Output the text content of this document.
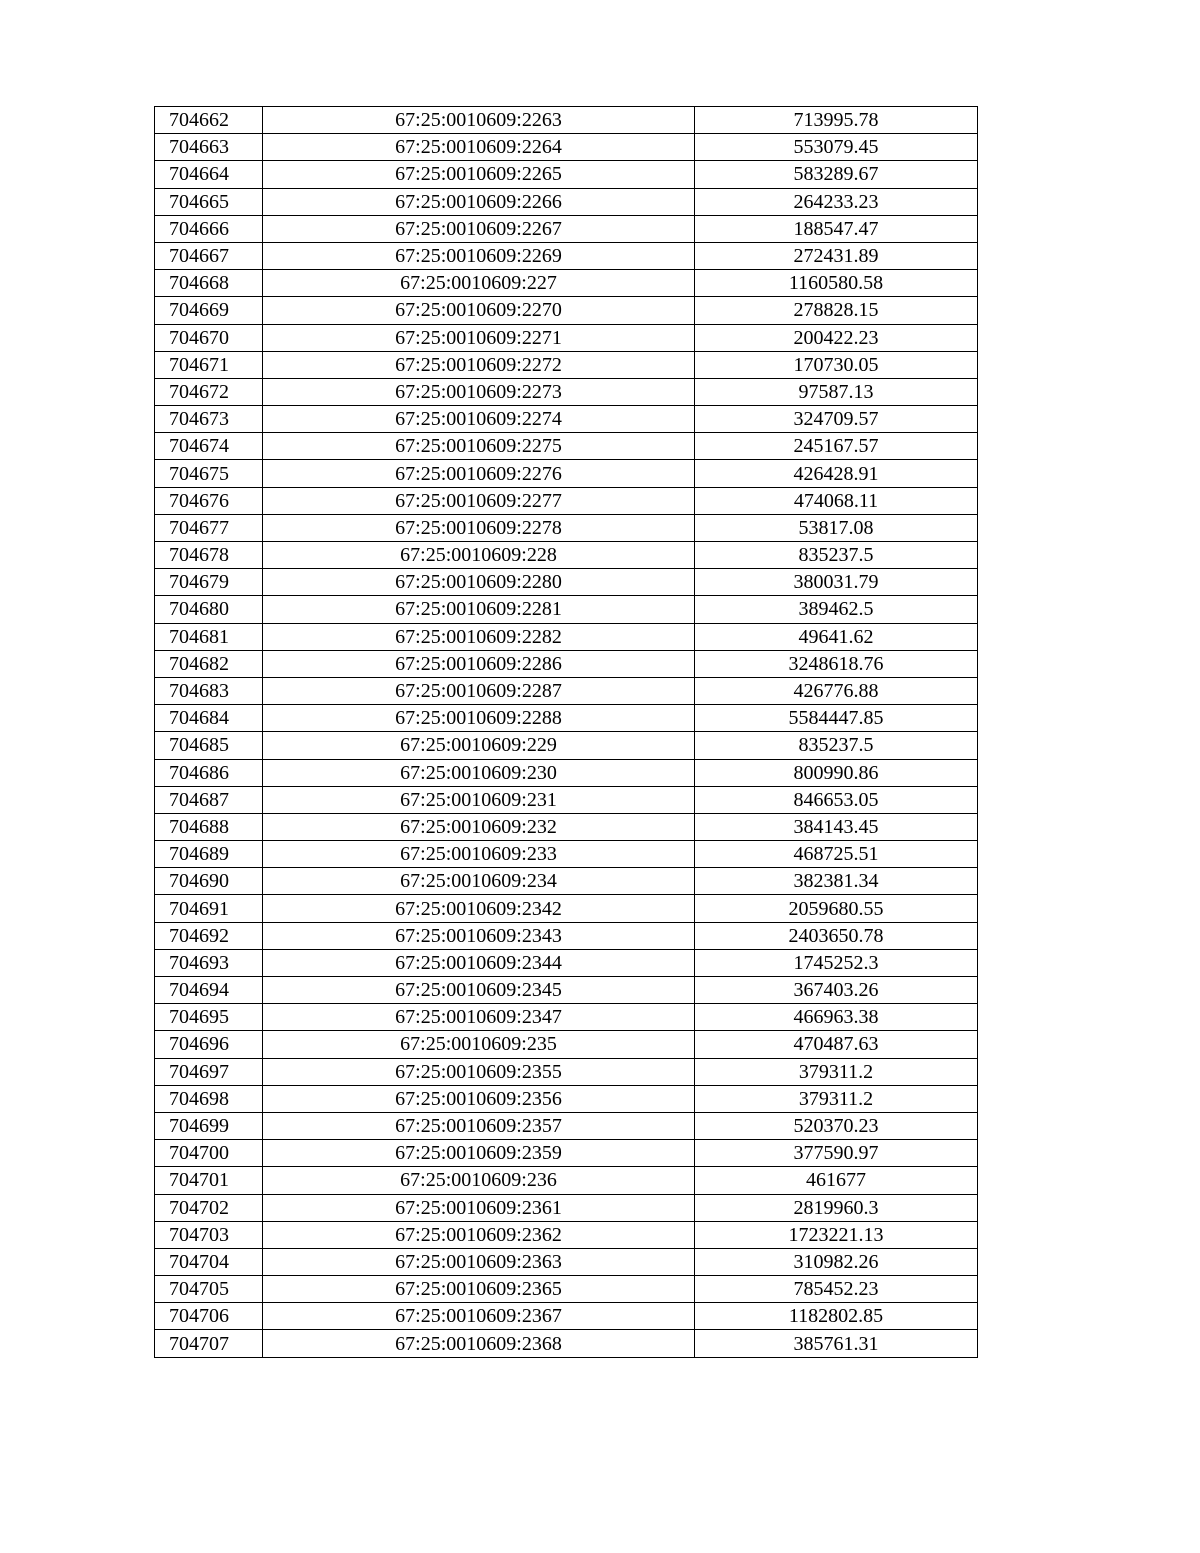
704662	67:25:0010609:2263	713995.78
704663	67:25:0010609:2264	553079.45
704664	67:25:0010609:2265	583289.67
704665	67:25:0010609:2266	264233.23
704666	67:25:0010609:2267	188547.47
704667	67:25:0010609:2269	272431.89
704668	67:25:0010609:227	1160580.58
704669	67:25:0010609:2270	278828.15
704670	67:25:0010609:2271	200422.23
704671	67:25:0010609:2272	170730.05
704672	67:25:0010609:2273	97587.13
704673	67:25:0010609:2274	324709.57
704674	67:25:0010609:2275	245167.57
704675	67:25:0010609:2276	426428.91
704676	67:25:0010609:2277	474068.11
704677	67:25:0010609:2278	53817.08
704678	67:25:0010609:228	835237.5
704679	67:25:0010609:2280	380031.79
704680	67:25:0010609:2281	389462.5
704681	67:25:0010609:2282	49641.62
704682	67:25:0010609:2286	3248618.76
704683	67:25:0010609:2287	426776.88
704684	67:25:0010609:2288	5584447.85
704685	67:25:0010609:229	835237.5
704686	67:25:0010609:230	800990.86
704687	67:25:0010609:231	846653.05
704688	67:25:0010609:232	384143.45
704689	67:25:0010609:233	468725.51
704690	67:25:0010609:234	382381.34
704691	67:25:0010609:2342	2059680.55
704692	67:25:0010609:2343	2403650.78
704693	67:25:0010609:2344	1745252.3
704694	67:25:0010609:2345	367403.26
704695	67:25:0010609:2347	466963.38
704696	67:25:0010609:235	470487.63
704697	67:25:0010609:2355	379311.2
704698	67:25:0010609:2356	379311.2
704699	67:25:0010609:2357	520370.23
704700	67:25:0010609:2359	377590.97
704701	67:25:0010609:236	461677
704702	67:25:0010609:2361	2819960.3
704703	67:25:0010609:2362	1723221.13
704704	67:25:0010609:2363	310982.26
704705	67:25:0010609:2365	785452.23
704706	67:25:0010609:2367	1182802.85
704707	67:25:0010609:2368	385761.31
